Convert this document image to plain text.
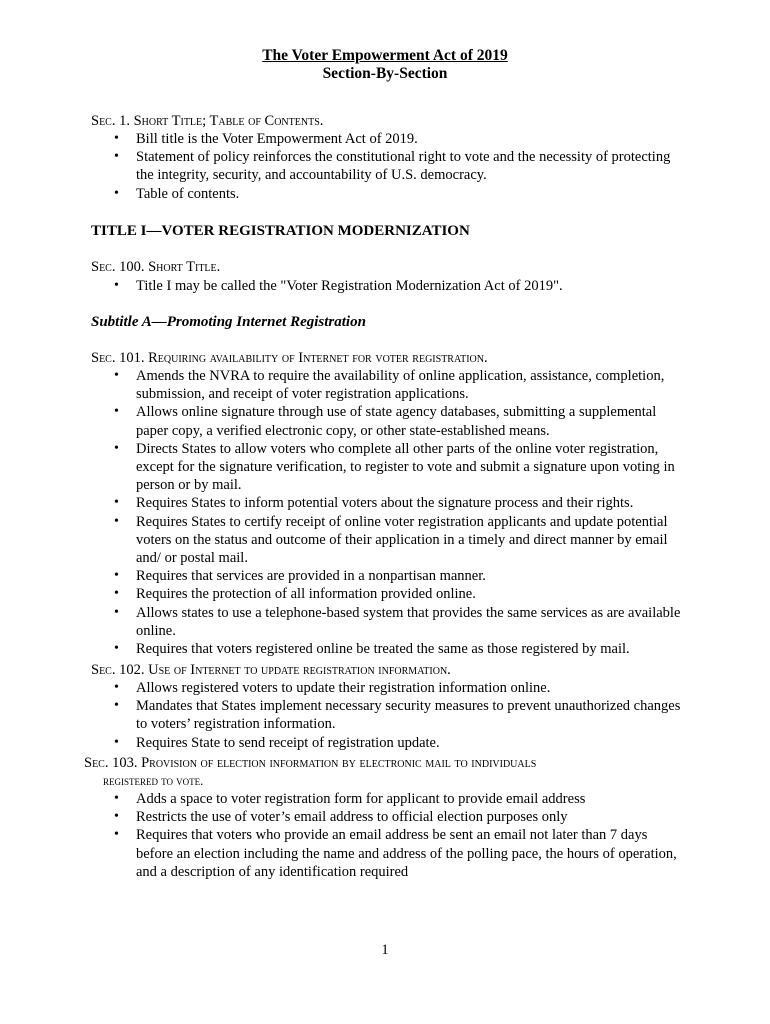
The Voter Empowerment Act of 2019
Section-By-Section
Sec. 1. Short Title; Table of Contents.
• Bill title is the Voter Empowerment Act of 2019.
• Statement of policy reinforces the constitutional right to vote and the necessity of protecting the integrity, security, and accountability of U.S. democracy.
• Table of contents.
TITLE I—VOTER REGISTRATION MODERNIZATION
Sec. 100. Short Title.
• Title I may be called the "Voter Registration Modernization Act of 2019".
Subtitle A—Promoting Internet Registration
Sec. 101. Requiring availability of Internet for voter registration.
• Amends the NVRA to require the availability of online application, assistance, completion, submission, and receipt of voter registration applications.
• Allows online signature through use of state agency databases, submitting a supplemental paper copy, a verified electronic copy, or other state-established means.
• Directs States to allow voters who complete all other parts of the online voter registration, except for the signature verification, to register to vote and submit a signature upon voting in person or by mail.
• Requires States to inform potential voters about the signature process and their rights.
• Requires States to certify receipt of online voter registration applicants and update potential voters on the status and outcome of their application in a timely and direct manner by email and/ or postal mail.
• Requires that services are provided in a nonpartisan manner.
• Requires the protection of all information provided online.
• Allows states to use a telephone-based system that provides the same services as are available online.
• Requires that voters registered online be treated the same as those registered by mail.
Sec. 102. Use of Internet to update registration information.
• Allows registered voters to update their registration information online.
• Mandates that States implement necessary security measures to prevent unauthorized changes to voters’ registration information.
• Requires State to send receipt of registration update.
Sec. 103. Provision of election information by electronic mail to individuals
registered to vote.
• Adds a space to voter registration form for applicant to provide email address
• Restricts the use of voter’s email address to official election purposes only
• Requires that voters who provide an email address be sent an email not later than 7 days before an election including the name and address of the polling pace, the hours of operation, and a description of any identification required
1
